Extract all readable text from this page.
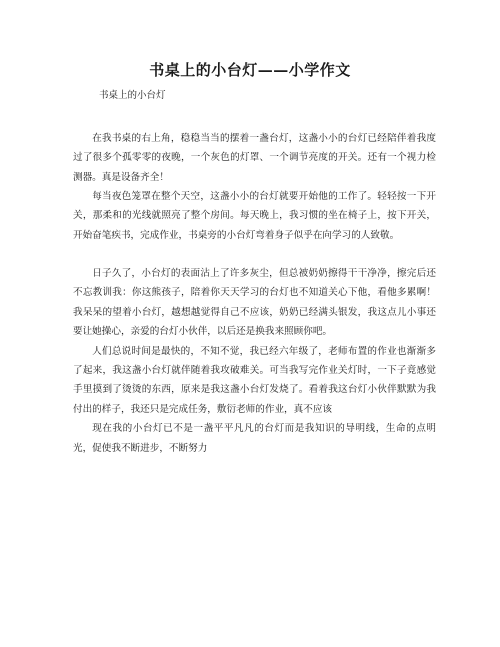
书桌上的小台灯——小学作文
书桌上的小台灯

在我书桌的右上角，稳稳当当的摆着一盏台灯，这盏小小的台灯已经陪伴着我度过了很多个孤零零的夜晚，一个灰色的灯罩、一个调节亮度的开关。还有一个视力检测器。真是设备齐全！

每当夜色笼罩在整个天空，这盏小小的台灯就要开始他的工作了。轻轻按一下开关，那柔和的光线就照亮了整个房间。每天晚上，我习惯的坐在椅子上，按下开关，开始奋笔疾书，完成作业，书桌旁的小台灯弯着身子似乎在向学习的人致敬。

日子久了，小台灯的表面沾上了许多灰尘，但总被奶奶擦得干干净净，擦完后还不忘教训我：你这熊孩子，陪着你天天学习的台灯也不知道关心下他，看他多累啊！我呆呆的望着小台灯，越想越觉得自己不应该，奶奶已经满头银发，我这点儿小事还要让她操心，亲爱的台灯小伙伴，以后还是换我来照顾你吧。

人们总说时间是最快的，不知不觉，我已经六年级了，老师布置的作业也渐渐多了起来，我这盏小台灯就伴随着我攻破难关。可当我写完作业关灯时，一下子竟感觉手里摸到了烫烫的东西，原来是我这盏小台灯发烧了。看着我这台灯小伙伴默默为我付出的样子，我还只是完成任务，敷衍老师的作业，真不应该

现在我的小台灯已不是一盏平平凡凡的台灯而是我知识的导明线，生命的点明光，促使我不断进步，不断努力
